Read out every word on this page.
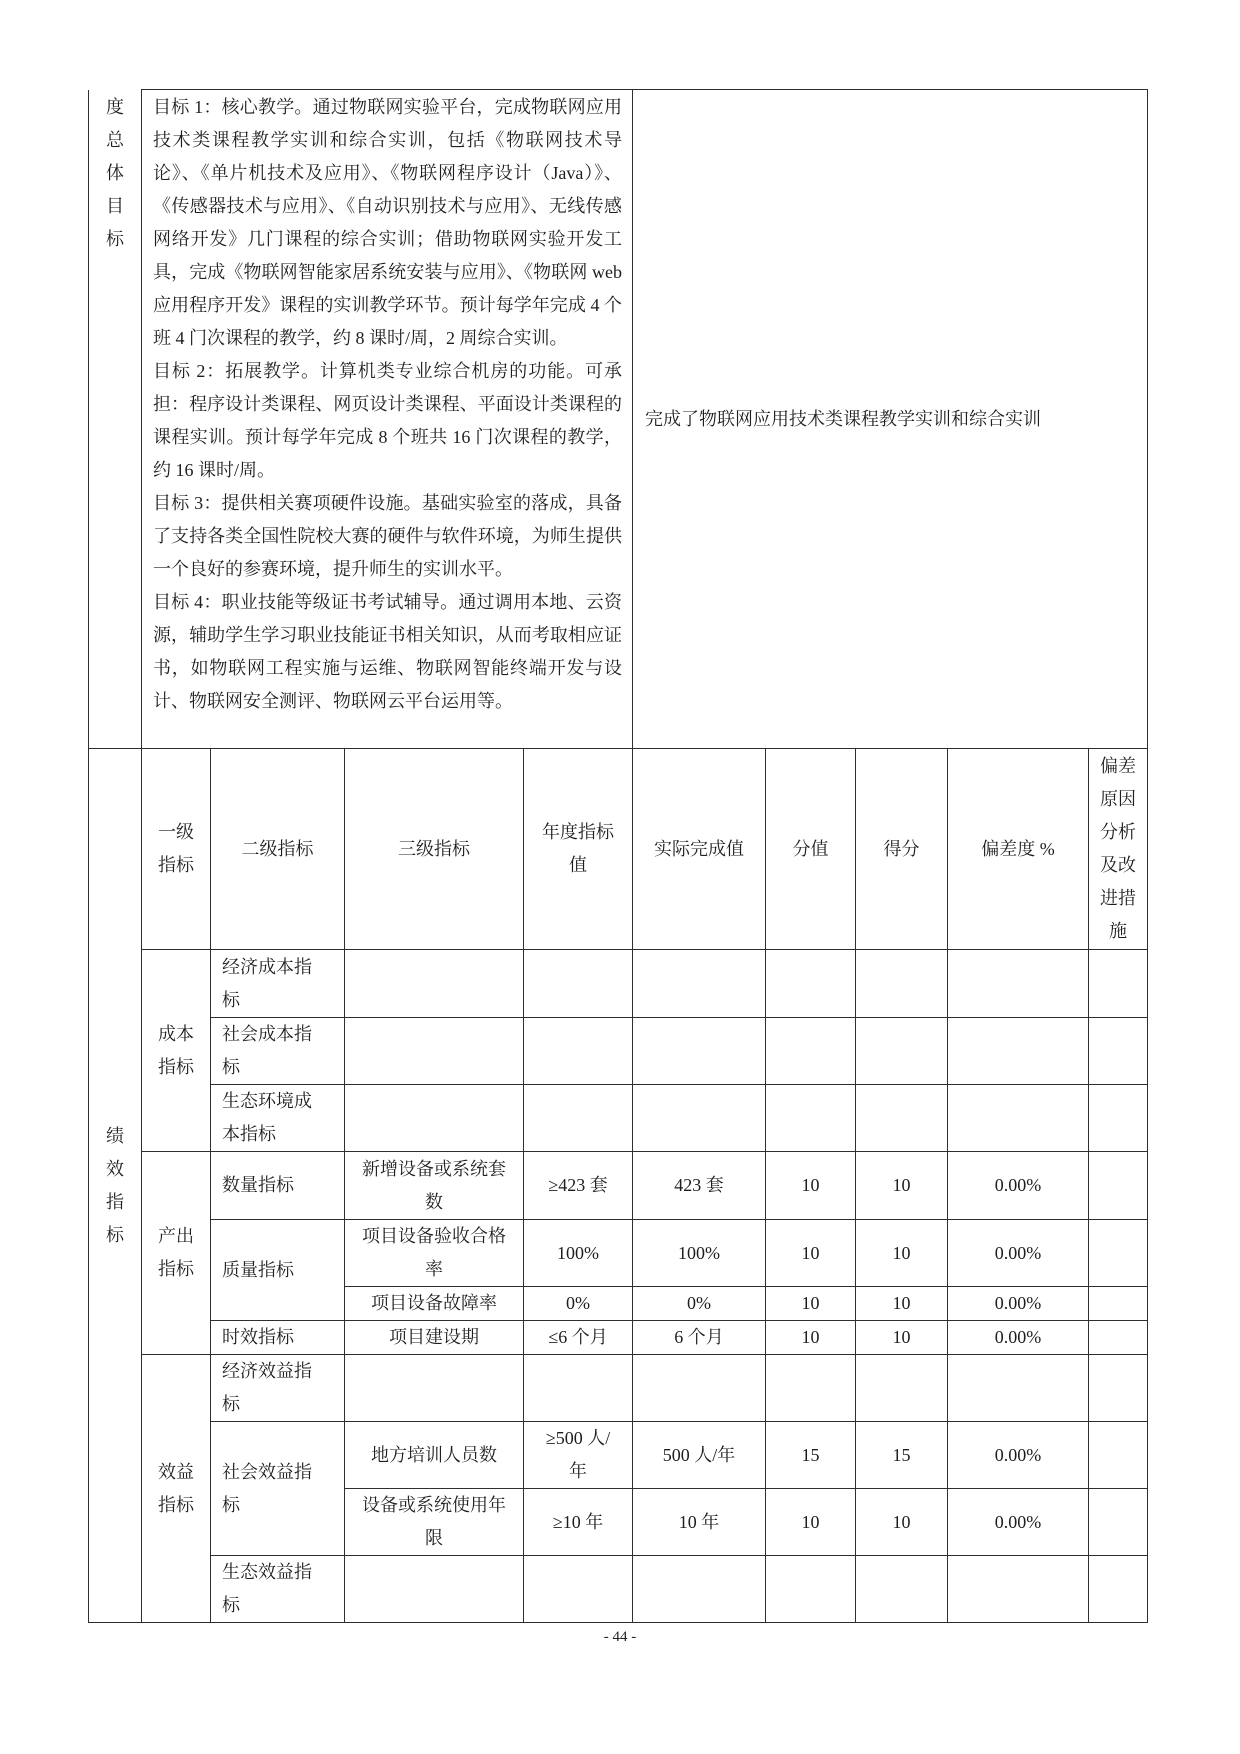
度总体目标	目标 1：核心教学。通过物联网实验平台，完成物联网应用技术类课程教学实训和综合实训，包括《物联网技术导论》、《单片机技术及应用》、《物联网程序设计（Java）》、《传感器技术与应用》、《自动识别技术与应用》、无线传感网络开发》几门课程的综合实训；借助物联网实验开发工具，完成《物联网智能家居系统安装与应用》、《物联网 web 应用程序开发》课程的实训教学环节。预计每学年完成 4 个班 4 门次课程的教学，约 8 课时/周，2 周综合实训。

目标 2：拓展教学。计算机类专业综合机房的功能。可承担：程序设计类课程、网页设计类课程、平面设计类课程的课程实训。预计每学年完成 8 个班共 16 门次课程的教学，约 16 课时/周。

目标 3：提供相关赛项硬件设施。基础实验室的落成，具备了支持各类全国性院校大赛的硬件与软件环境，为师生提供一个良好的参赛环境，提升师生的实训水平。

目标 4：职业技能等级证书考试辅导。通过调用本地、云资源，辅助学生学习职业技能证书相关知识，从而考取相应证书，如物联网工程实施与运维、物联网智能终端开发与设计、物联网安全测评、物联网云平台运用等。				完成了物联网应用技术类课程教学实训和综合实训				
绩效指标	一级指标	二级指标	三级指标	年度指标值	实际完成值	分值	得分	偏差度 %	偏差原因分析及改进措施
	成本指标	经济成本指标							
		社会成本指标							
		生态环境成本指标							
	产出指标	数量指标	新增设备或系统套数	≥423 套	423 套	10	10	0.00%	
		质量指标	项目设备验收合格率	100%	100%	10	10	0.00%	
			项目设备故障率	0%	0%	10	10	0.00%	
		时效指标	项目建设期	≤6 个月	6 个月	10	10	0.00%	
	效益指标	经济效益指标							
		社会效益指标	地方培训人员数	≥500 人/年	500 人/年	15	15	0.00%	
			设备或系统使用年限	≥10 年	10 年	10	10	0.00%	
		生态效益指标							
- 44 -
